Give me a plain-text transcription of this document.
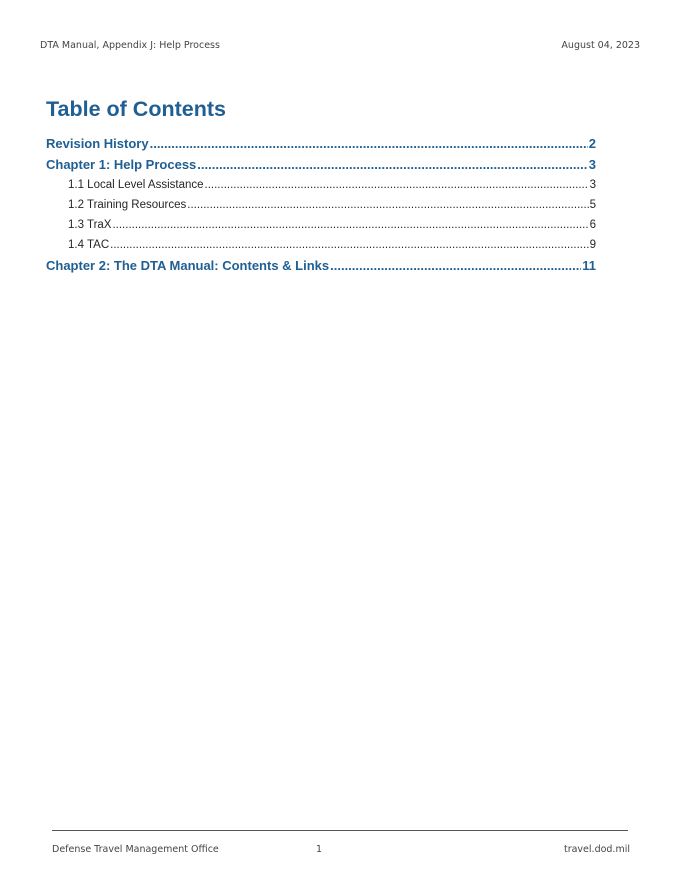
DTA Manual, Appendix J: Help Process	August 04, 2023
Table of Contents
Revision History .....	2
Chapter 1: Help Process .....	3
1.1 Local Level Assistance .....	3
1.2 Training Resources .....	5
1.3 TraX .....	6
1.4 TAC .....	9
Chapter 2: The DTA Manual: Contents & Links .....	11
Defense Travel Management Office	1	travel.dod.mil
